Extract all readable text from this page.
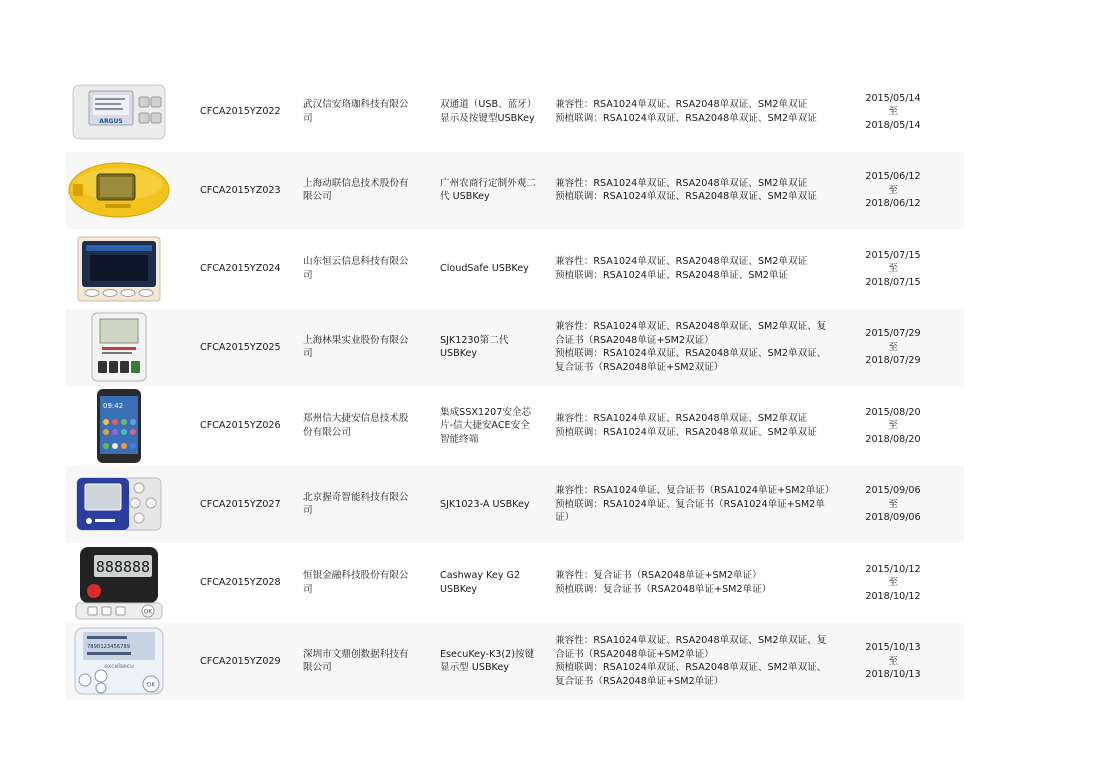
ARGUS
CFCA2015YZ022
武汉信安珞珈科技有限公司
双通道（USB、蓝牙）显示及按键型USBKey
兼容性：RSA1024单双证、RSA2048单双证、SM2单双证
预植联调：RSA1024单双证、RSA2048单双证、SM2单双证
2015/05/14
至
2018/05/14
CFCA2015YZ023
上海动联信息技术股份有限公司
广州农商行定制外观二代 USBKey
兼容性：RSA1024单双证、RSA2048单双证、SM2单双证
预植联调：RSA1024单双证、RSA2048单双证、SM2单双证
2015/06/12
至
2018/06/12
CFCA2015YZ024
山东恒云信息科技有限公司
CloudSafe USBKey
兼容性：RSA1024单双证、RSA2048单双证、SM2单双证
预植联调：RSA1024单证、RSA2048单证、SM2单证
2015/07/15
至
2018/07/15
CFCA2015YZ025
上海林果实业股份有限公司
SJK1230第二代USBKey
兼容性：RSA1024单双证、RSA2048单双证、SM2单双证、复合证书（RSA2048单证+SM2双证）
预植联调：RSA1024单双证、RSA2048单双证、SM2单双证、复合证书（RSA2048单证+SM2双证）
2015/07/29
至
2018/07/29
09:42
CFCA2015YZ026
郑州信大捷安信息技术股份有限公司
集成SSX1207安全芯片-信大捷安ACE安全智能终端
兼容性：RSA1024单双证、RSA2048单双证、SM2单双证
预植联调：RSA1024单双证、RSA2048单双证、SM2单双证
2015/08/20
至
2018/08/20
CFCA2015YZ027
北京握奇智能科技有限公司
SJK1023-A USBKey
兼容性：RSA1024单证、复合证书（RSA1024单证+SM2单证）
预植联调：RSA1024单证、复合证书（RSA1024单证+SM2单证）
2015/09/06
至
2018/09/06
888888
OK
CFCA2015YZ028
恒银金融科技股份有限公司
Cashway Key G2 USBKey
兼容性：复合证书（RSA2048单证+SM2单证）
预植联调：复合证书（RSA2048单证+SM2单证）
2015/10/12
至
2018/10/12
7890123456789
excelsecu
OK
CFCA2015YZ029
深圳市文鼎创数据科技有限公司
EsecuKey-K3(2)按键显示型 USBKey
兼容性：RSA1024单双证、RSA2048单双证、SM2单双证、复合证书（RSA2048单证+SM2单证）
预植联调：RSA1024单双证、RSA2048单双证、SM2单双证、复合证书（RSA2048单证+SM2单证）
2015/10/13
至
2018/10/13
